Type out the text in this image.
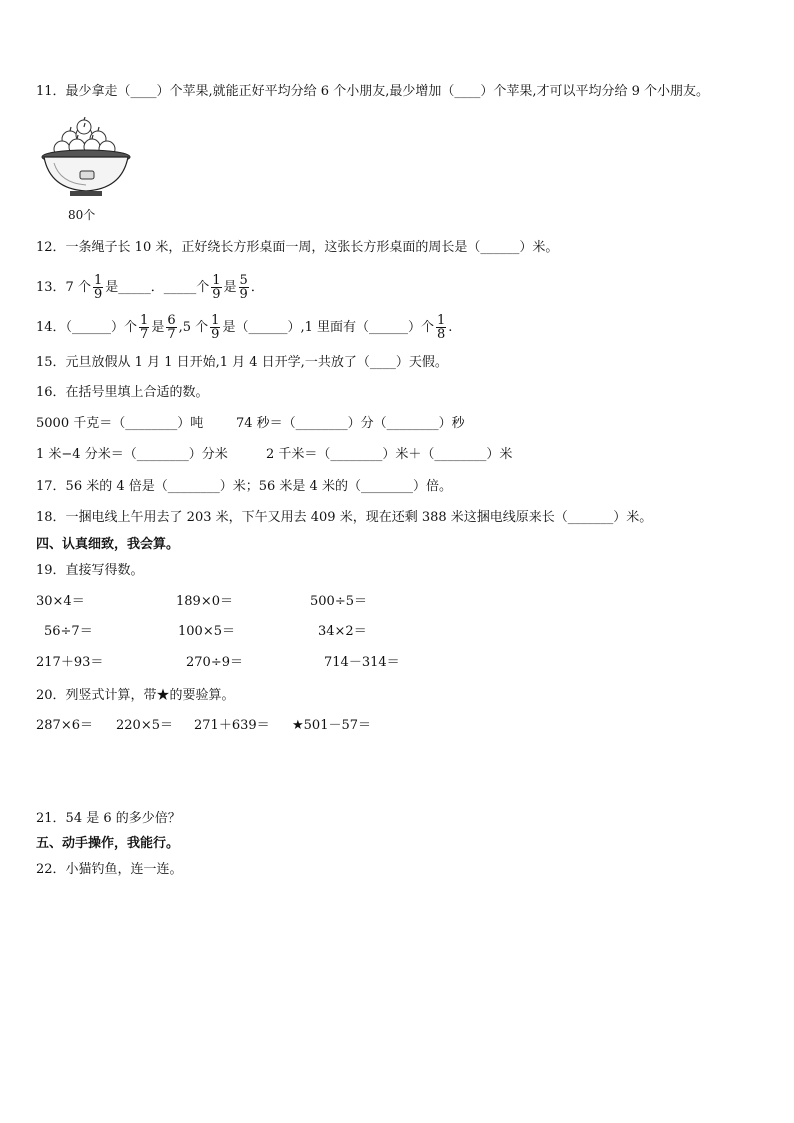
11．最少拿走（____）个苹果,就能正好平均分给 6 个小朋友,最少增加（____）个苹果,才可以平均分给 9 个小朋友。
80个
12．一条绳子长 10 米，正好绕长方形桌面一周，这张长方形桌面的周长是（______）米。
13．7 个 $\frac{1}{9}$ 是_____．_____个 $\frac{1}{9}$ 是 $\frac{5}{9}$ ．
14．（______）个 $\frac{1}{7}$ 是 $\frac{6}{7} ,5$ 个 $\frac{1}{9}$ 是（______）,1 里面有（______）个 $\frac{1}{8}$ .
15．元旦放假从 1 月 1 日开始,1 月 4 日开学,一共放了（____）天假。
16．在括号里填上合适的数。
5000 千克＝（________）吨	74 秒＝（________）分（________）秒
1 米−4 分米＝（________）分米	2 千米＝（________）米＋（________）米
17．56 米的 4 倍是（________）米；56 米是 4 米的（________）倍。
18．一捆电线上午用去了 203 米，下午又用去 409 米，现在还剩 388 米这捆电线原来长（_______）米。
四、认真细致，我会算。
19．直接写得数。
30×4＝	189×0＝	500÷5＝
56÷7＝	100×5＝	34×2＝
217＋93＝	270÷9＝	714－314＝
20．列竖式计算，带★的要验算。
287×6＝ 220×5＝ 271＋639＝ ★501－57＝
21．54 是 6 的多少倍？
五、动手操作，我能行。
22．小猫钓鱼，连一连。
